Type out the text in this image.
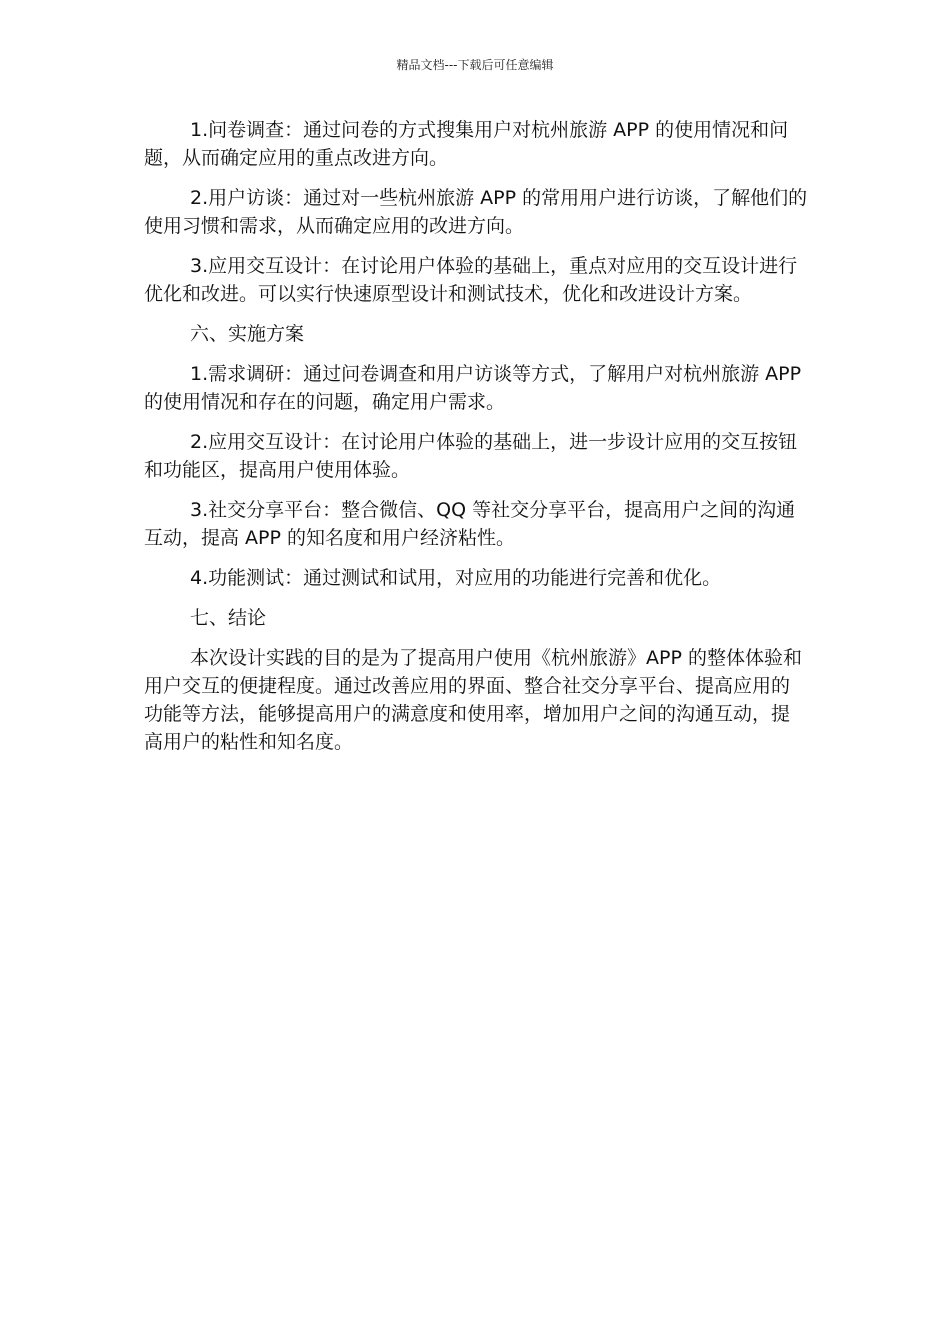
精品文档---下载后可任意编辑

1.问卷调查：通过问卷的方式搜集用户对杭州旅游 APP 的使用情况和问题，从而确定应用的重点改进方向。

2.用户访谈：通过对一些杭州旅游 APP 的常用用户进行访谈，了解他们的使用习惯和需求，从而确定应用的改进方向。

3.应用交互设计：在讨论用户体验的基础上，重点对应用的交互设计进行优化和改进。可以实行快速原型设计和测试技术，优化和改进设计方案。

六、实施方案

1.需求调研：通过问卷调查和用户访谈等方式，了解用户对杭州旅游 APP 的使用情况和存在的问题，确定用户需求。

2.应用交互设计：在讨论用户体验的基础上，进一步设计应用的交互按钮和功能区，提高用户使用体验。

3.社交分享平台：整合微信、QQ 等社交分享平台，提高用户之间的沟通互动，提高 APP 的知名度和用户经济粘性。

4.功能测试：通过测试和试用，对应用的功能进行完善和优化。

七、结论

本次设计实践的目的是为了提高用户使用《杭州旅游》APP 的整体体验和用户交互的便捷程度。通过改善应用的界面、整合社交分享平台、提高应用的功能等方法，能够提高用户的满意度和使用率，增加用户之间的沟通互动，提高用户的粘性和知名度。
